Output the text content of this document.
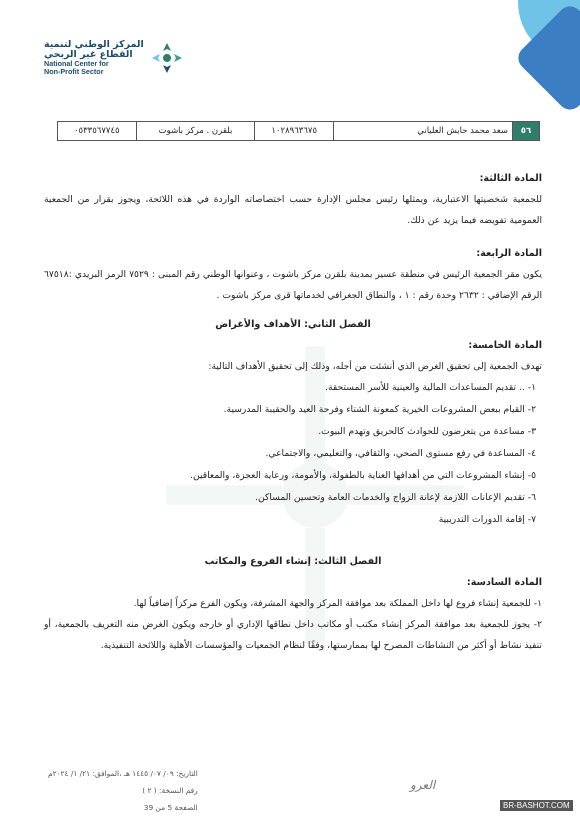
المركز الوطني لتنمية
القطاع غير الربحي
National Center for
Non-Profit Sector
٥٦	سعد محمد حابش العلياني	١٠٢٨٩٦٣٦٧٥	بلقرن . مركز باشوت	٠٥٣٣٥٦٧٧٤٥
المادة الثالثة:

للجمعية شخصيتها الاعتبارية، ويمثلها رئيس مجلس الإدارة حسب اختصاصاته الواردة في هذه اللائحة، ويجوز بقرار من الجمعية العمومية تفويضه فيما يزيد عن ذلك.

المادة الرابعة:

يكون مقر الجمعية الرئيس في منطقة عسير بمدينة بلقرن مركز باشوت ، وعنوانها الوطني رقم المبنى : ٧٥٢٩ الرمز البريدي :٦٧٥١٨ الرقم الإضافي : ٢٦٣٢ وحدة رقم : ١ ، والنطاق الجغرافي لخدماتها قرى مركز باشوت .

الفصل الثاني: الأهداف والأغراض
المادة الخامسة:

تهدف الجمعية إلى تحقيق الغرض الذي أنشئت من أجله، وذلك إلى تحقيق الأهداف التالية:

١- .. تقديم المساعدات المالية والعينية للأسر المستحقة.
٢- القيام ببعض المشروعات الخيرية كمعونة الشتاء وفرحة العيد والحقيبة المدرسية.
٣- مساعدة من يتعرضون للحوادث كالحريق وتهدم البيوت.
٤- المساعدة في رفع مستوى الصحي، والثقافي، والتعليمي، والاجتماعي.
٥- إنشاء المشروعات التي من أهدافها العناية بالطفولة، والأمومة، ورعاية العجزة، والمعاقين.
٦- تقديم الإعانات اللازمة لإعانة الزواج والخدمات العامة وتحسين المساكن.
٧- إقامة الدورات التدريبية
الفصل الثالث: إنشاء الفروع والمكاتب
المادة السادسة:

١- للجمعية إنشاء فروع لها داخل المملكة بعد موافقة المركز والجهة المشرفة، ويكون الفرع مركزاً إضافياً لها.

٢- يجوز للجمعية بعد موافقة المركز إنشاء مكتب أو مكاتب داخل نطاقها الإداري أو خارجه ويكون الغرض منه التعريف بالجمعية، أو تنفيذ نشاط أو أكثر من النشاطات المصرح لها بممارستها، وفقًا لنظام الجمعيات والمؤسسات الأهلية واللائحة التنفيذية.

التاريخ: ٠٩/ ٠٧/ ١٤٤٥ هـ ،الموافق: ٢١/ ١/ ٢٠٢٤م
رقم النسخة: ( ٢ )
الصفحة 5 من 39
العرو
BR-BASHOT.COM
